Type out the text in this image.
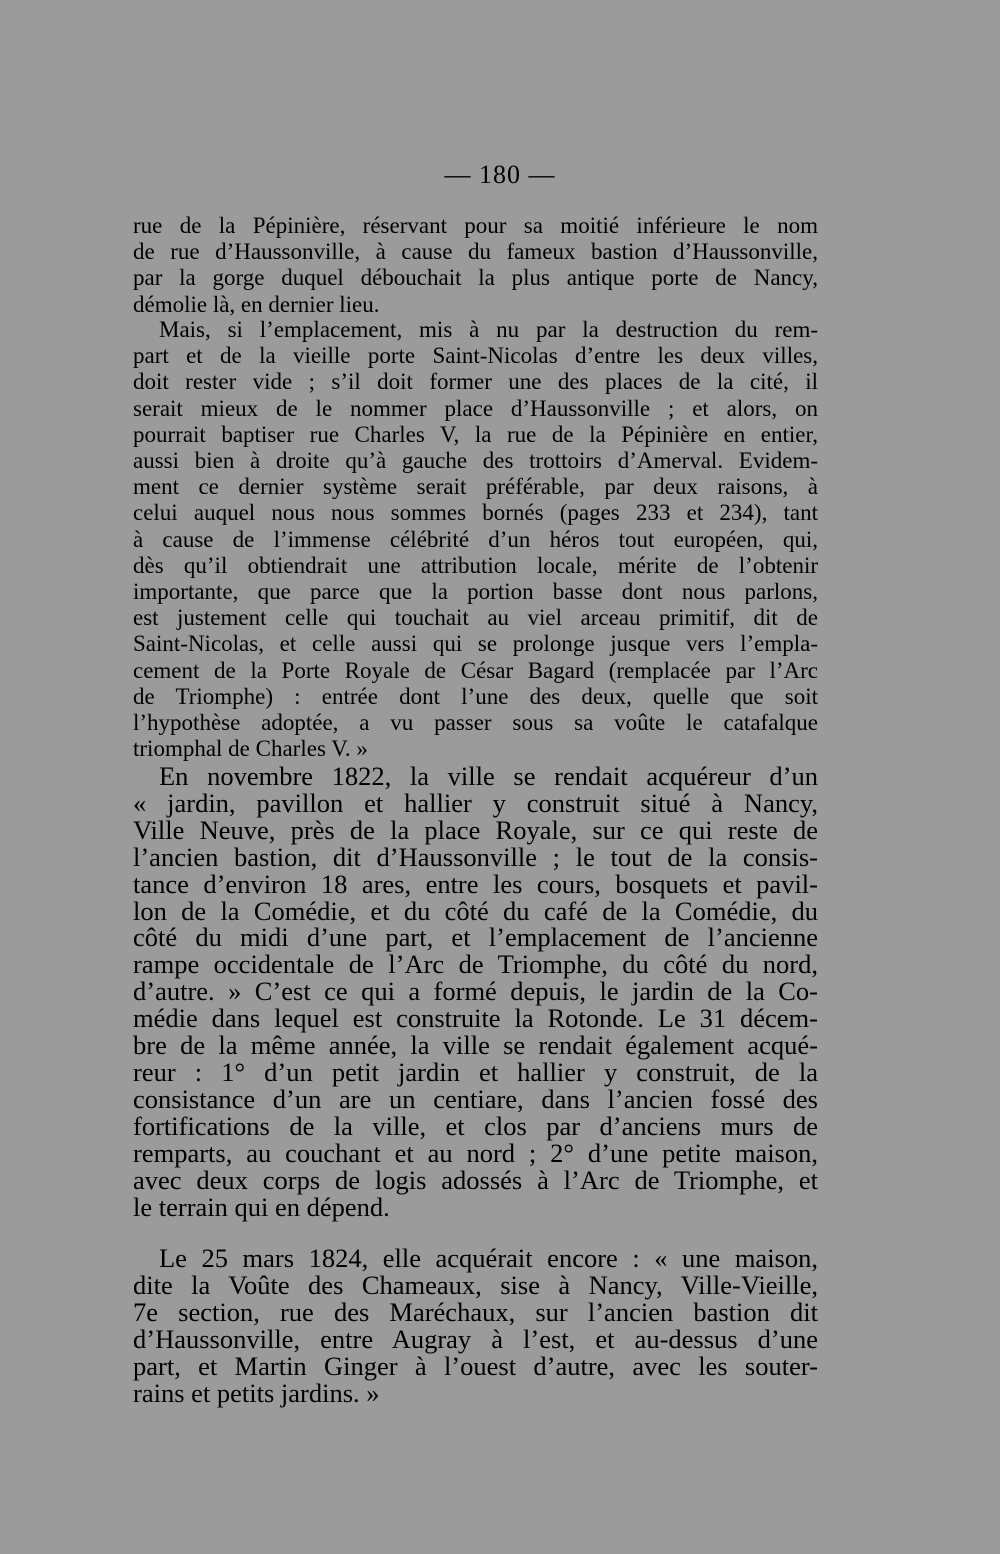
— 180 —
rue de la Pépinière, réservant pour sa moitié inférieure le nom
de rue d’Haussonville, à cause du fameux bastion d’Haussonville,
par la gorge duquel débouchait la plus antique porte de Nancy,
démolie là, en dernier lieu.
Mais, si l’emplacement, mis à nu par la destruction du rem-
part et de la vieille porte Saint-Nicolas d’entre les deux villes,
doit rester vide ; s’il doit former une des places de la cité, il
serait mieux de le nommer place d’Haussonville ; et alors, on
pourrait baptiser rue Charles V, la rue de la Pépinière en entier,
aussi bien à droite qu’à gauche des trottoirs d’Amerval. Evidem-
ment ce dernier système serait préférable, par deux raisons, à
celui auquel nous nous sommes bornés (pages 233 et 234), tant
à cause de l’immense célébrité d’un héros tout européen, qui,
dès qu’il obtiendrait une attribution locale, mérite de l’obtenir
importante, que parce que la portion basse dont nous parlons,
est justement celle qui touchait au viel arceau primitif, dit de
Saint-Nicolas, et celle aussi qui se prolonge jusque vers l’empla-
cement de la Porte Royale de César Bagard (remplacée par l’Arc
de Triomphe) : entrée dont l’une des deux, quelle que soit
l’hypothèse adoptée, a vu passer sous sa voûte le catafalque
triomphal de Charles V. »
En novembre 1822, la ville se rendait acquéreur d’un
« jardin, pavillon et hallier y construit situé à Nancy,
Ville Neuve, près de la place Royale, sur ce qui reste de
l’ancien bastion, dit d’Haussonville ; le tout de la consis-
tance d’environ 18 ares, entre les cours, bosquets et pavil-
lon de la Comédie, et du côté du café de la Comédie, du
côté du midi d’une part, et l’emplacement de l’ancienne
rampe occidentale de l’Arc de Triomphe, du côté du nord,
d’autre. » C’est ce qui a formé depuis, le jardin de la Co-
médie dans lequel est construite la Rotonde. Le 31 décem-
bre de la même année, la ville se rendait également acqué-
reur : 1° d’un petit jardin et hallier y construit, de la
consistance d’un are un centiare, dans l’ancien fossé des
fortifications de la ville, et clos par d’anciens murs de
remparts, au couchant et au nord ; 2° d’une petite maison,
avec deux corps de logis adossés à l’Arc de Triomphe, et
le terrain qui en dépend.
Le 25 mars 1824, elle acquérait encore : « une maison,
dite la Voûte des Chameaux, sise à Nancy, Ville-Vieille,
7e section, rue des Maréchaux, sur l’ancien bastion dit
d’Haussonville, entre Augray à l’est, et au-dessus d’une
part, et Martin Ginger à l’ouest d’autre, avec les souter-
rains et petits jardins. »
